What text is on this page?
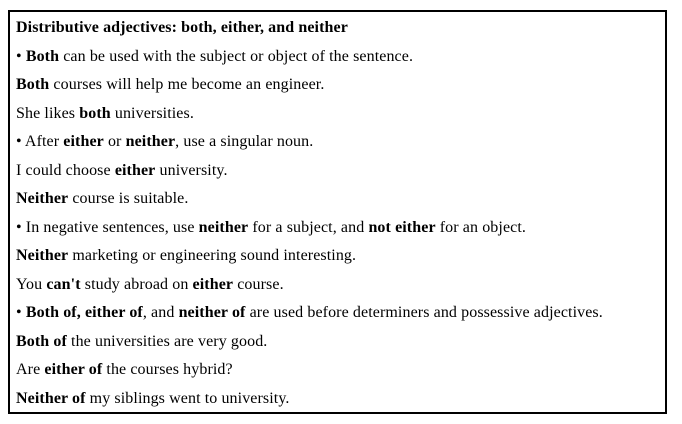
Distributive adjectives: both, either, and neither
• Both can be used with the subject or object of the sentence.
Both courses will help me become an engineer.
She likes both universities.
• After either or neither , use a singular noun.
I could choose either university.
Neither course is suitable.
• In negative sentences, use neither for a subject, and not either for an object.
Neither marketing or engineering sound interesting.
You can't study abroad on either course.
• Both of, either of , and neither of are used before determiners and possessive adjectives.
Both of the universities are very good.
Are either of the courses hybrid?
Neither of my siblings went to university.
